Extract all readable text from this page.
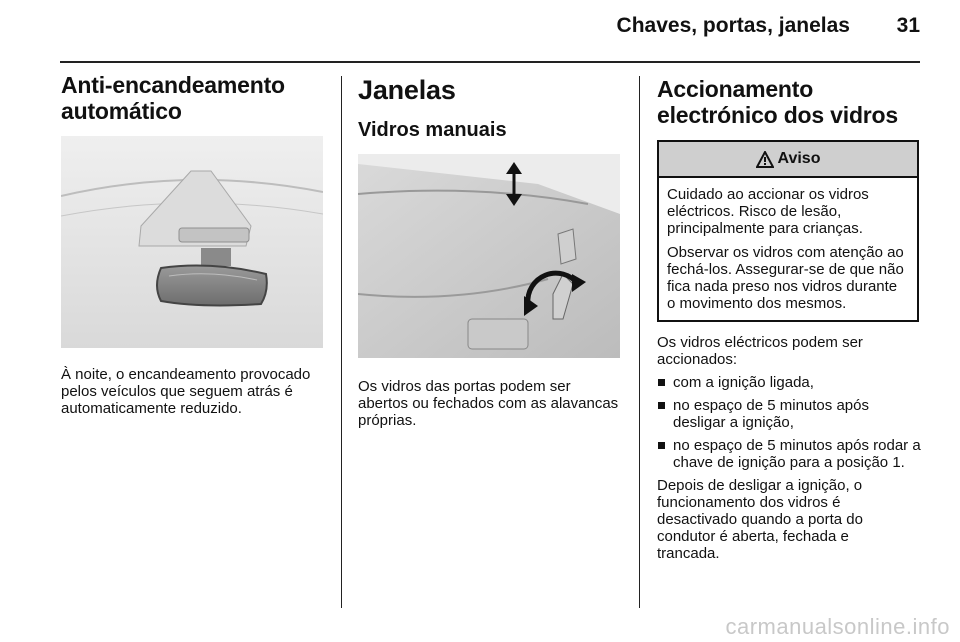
Chaves, portas, janelas	31
Anti-encandeamento automático

À noite, o encandeamento provocado pelos veículos que seguem atrás é automaticamente reduzido.

Janelas
Vidros manuais

Os vidros das portas podem ser abertos ou fechados com as alavancas próprias.

Accionamento electrónico dos vidros
Aviso

Cuidado ao accionar os vidros eléctricos. Risco de lesão, principalmente para crianças.

Observar os vidros com atenção ao fechá-los. Assegurar-se de que não fica nada preso nos vidros durante o movimento dos mesmos.

Os vidros eléctricos podem ser accionados:

com a ignição ligada,
no espaço de 5 minutos após desligar a ignição,
no espaço de 5 minutos após rodar a chave de ignição para a posição 1.

Depois de desligar a ignição, o funcionamento dos vidros é desactivado quando a porta do condutor é aberta, fechada e trancada.

carmanualsonline.info
